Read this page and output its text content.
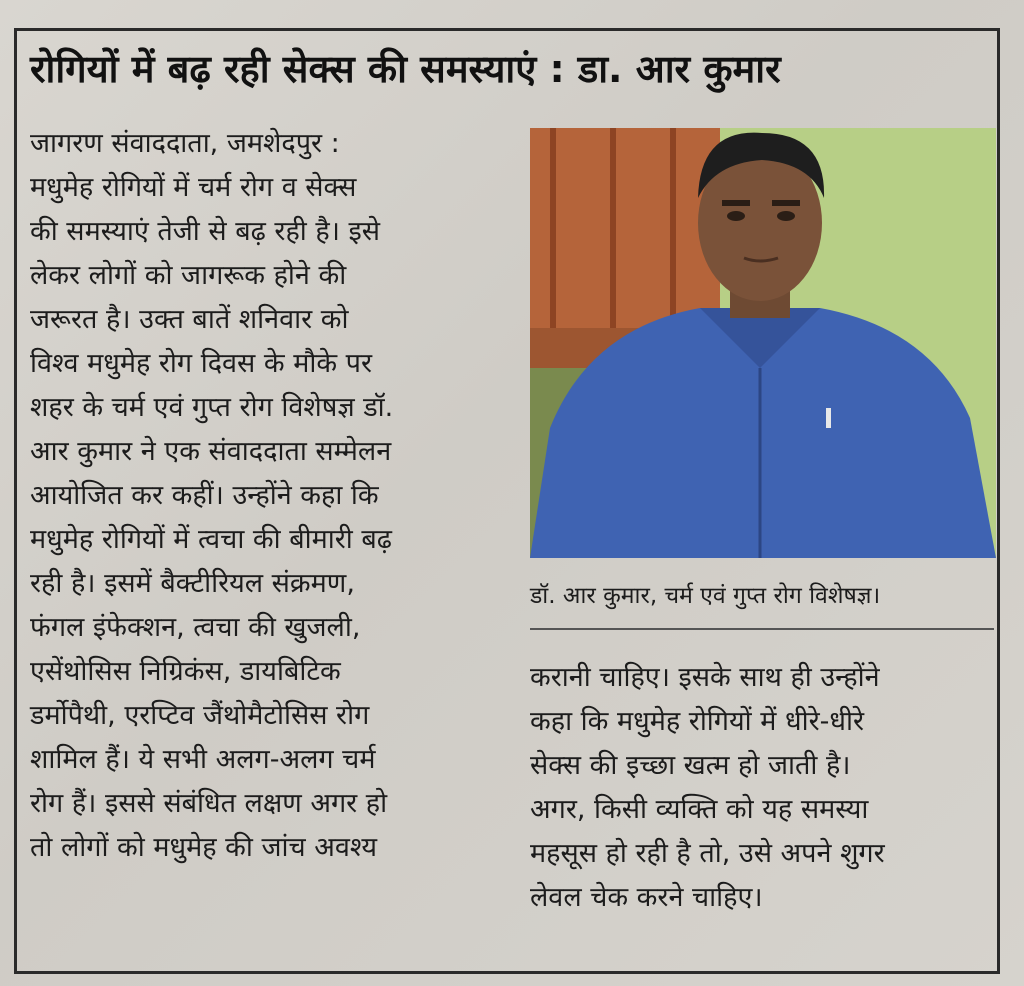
रोगियों में बढ़ रही सेक्स की समस्याएं : डा. आर कुमार
जागरण संवाददाता, जमशेदपुर :
मधुमेह रोगियों में चर्म रोग व सेक्स
की समस्याएं तेजी से बढ़ रही है। इसे
लेकर लोगों को जागरूक होने की
जरूरत है। उक्त बातें शनिवार को
विश्व मधुमेह रोग दिवस के मौके पर
शहर के चर्म एवं गुप्त रोग विशेषज्ञ डॉ.
आर कुमार ने एक संवाददाता सम्मेलन
आयोजित कर कहीं। उन्होंने कहा कि
मधुमेह रोगियों में त्वचा की बीमारी बढ़
रही है। इसमें बैक्टीरियल संक्रमण,
फंगल इंफेक्शन, त्वचा की खुजली,
एसेंथोसिस निग्रिकंस, डायबिटिक
डर्मोपैथी, एरप्टिव जैंथोमैटोसिस रोग
शामिल हैं। ये सभी अलग-अलग चर्म
रोग हैं। इससे संबंधित लक्षण अगर हो
तो लोगों को मधुमेह की जांच अवश्य
डॉ. आर कुमार, चर्म एवं गुप्त रोग विशेषज्ञ।
करानी चाहिए। इसके साथ ही उन्होंने
कहा कि मधुमेह रोगियों में धीरे-धीरे
सेक्स की इच्छा खत्म हो जाती है।
अगर, किसी व्यक्ति को यह समस्या
महसूस हो रही है तो, उसे अपने शुगर
लेवल चेक करने चाहिए।
